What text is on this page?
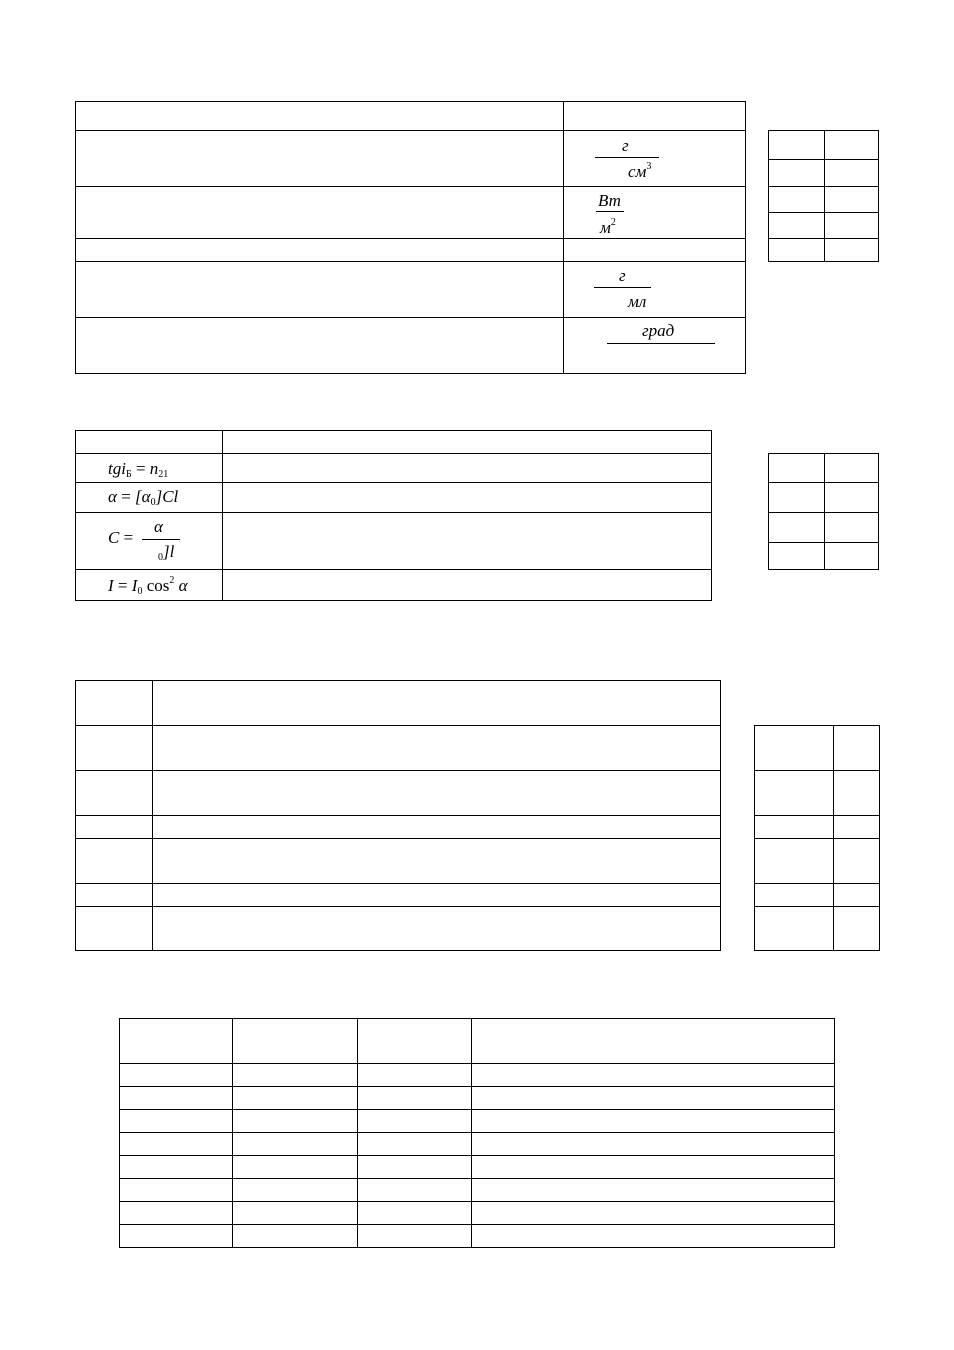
г
$см^3$
Вт
$м^2$
г
мл
град
tgiБ = n21
α = [α0]Cl
C =
α
0]l
I = I0 $\cos^2 \alpha$
